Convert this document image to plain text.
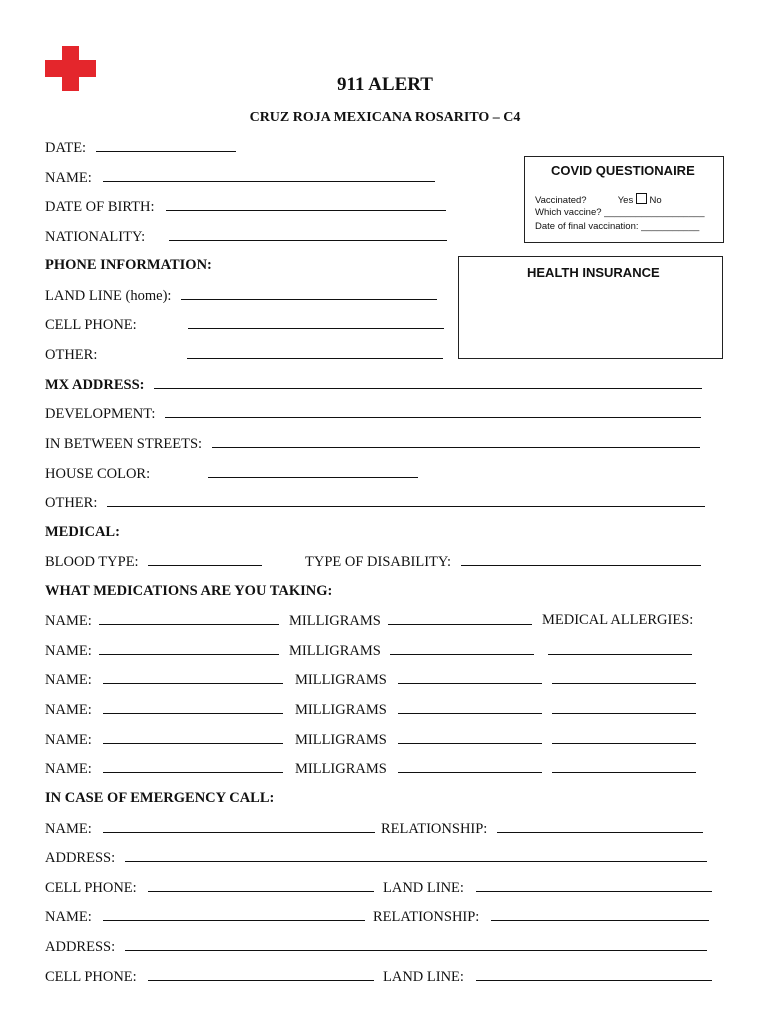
911 ALERT
CRUZ ROJA MEXICANA ROSARITO – C4
DATE:
NAME:
DATE OF BIRTH:
NATIONALITY:
COVID QUESTIONAIRE
Vaccinated?	Yes No
Which vaccine? ___________________
Date of final vaccination: ___________
HEALTH INSURANCE
PHONE INFORMATION:
LAND LINE (home):
CELL PHONE:
OTHER:
MX ADDRESS:
DEVELOPMENT:
IN BETWEEN STREETS:
HOUSE COLOR:
OTHER:
MEDICAL:
BLOOD TYPE:	TYPE OF DISABILITY:
WHAT MEDICATIONS ARE YOU TAKING:
NAME:	MILLIGRAMS	MEDICAL ALLERGIES:
NAME:	MILLIGRAMS
NAME:	MILLIGRAMS
NAME:	MILLIGRAMS
NAME:	MILLIGRAMS
NAME:	MILLIGRAMS
IN CASE OF EMERGENCY CALL:
NAME:	RELATIONSHIP:
ADDRESS:
CELL PHONE:	LAND LINE:
NAME:	RELATIONSHIP:
ADDRESS:
CELL PHONE:	LAND LINE:
